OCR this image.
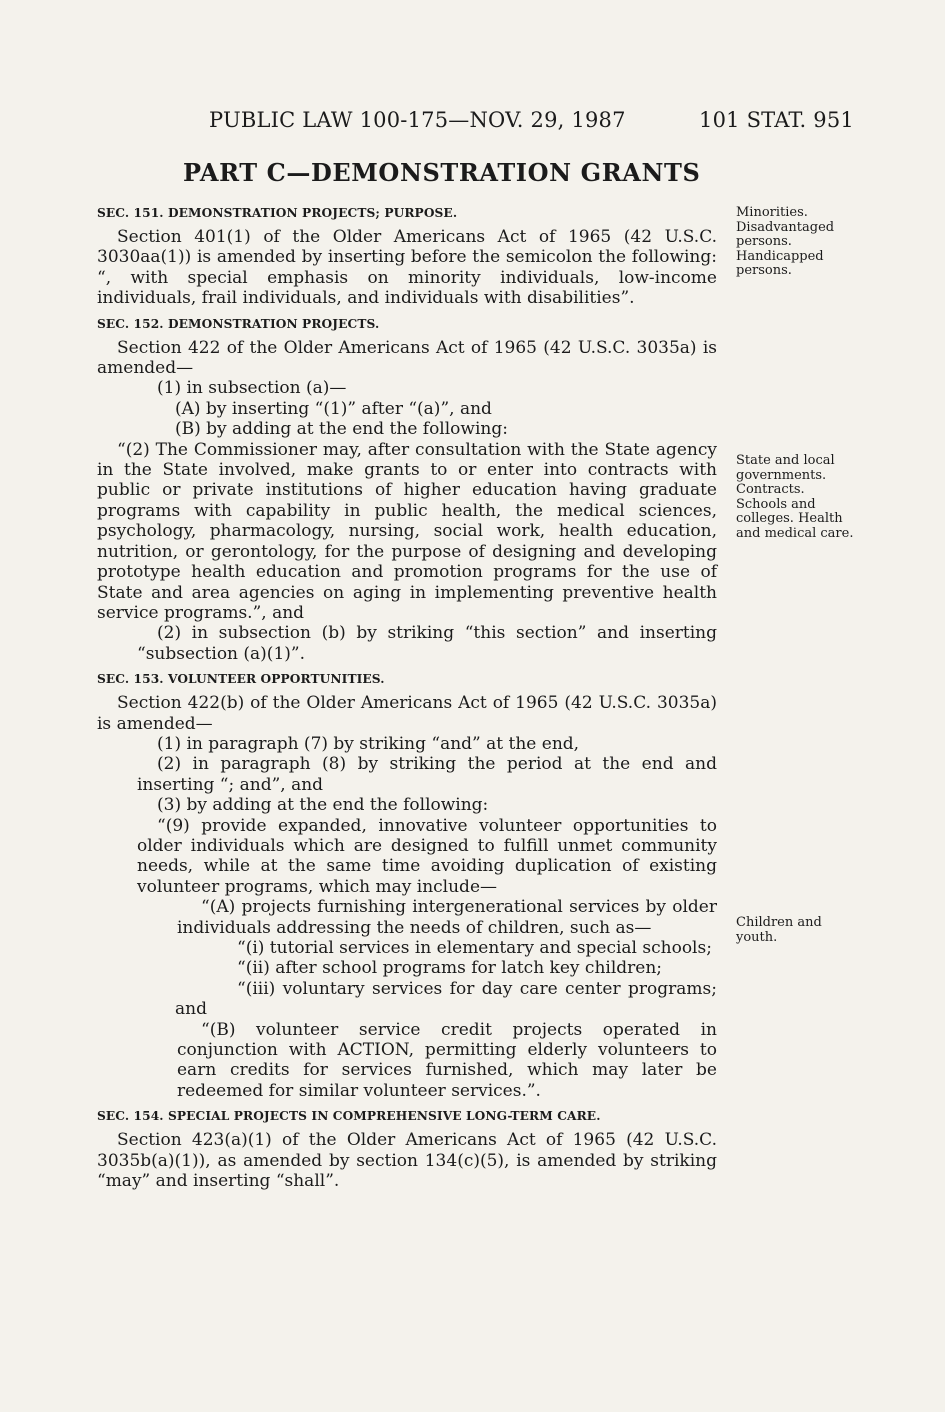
PUBLIC LAW 100-175—NOV. 29, 1987	101 STAT. 951
PART C—DEMONSTRATION GRANTS
SEC. 151. DEMONSTRATION PROJECTS; PURPOSE.

Section 401(1) of the Older Americans Act of 1965 (42 U.S.C. 3030aa(1)) is amended by inserting before the semicolon the following: “, with special emphasis on minority individuals, low-income individuals, frail individuals, and individuals with disabilities”.

SEC. 152. DEMONSTRATION PROJECTS.

Section 422 of the Older Americans Act of 1965 (42 U.S.C. 3035a) is amended—

(1) in subsection (a)—

(A) by inserting “(1)” after “(a)”, and

(B) by adding at the end the following:

“(2) The Commissioner may, after consultation with the State agency in the State involved, make grants to or enter into contracts with public or private institutions of higher education having graduate programs with capability in public health, the medical sciences, psychology, pharmacology, nursing, social work, health education, nutrition, or gerontology, for the purpose of designing and developing prototype health education and promotion programs for the use of State and area agencies on aging in implementing preventive health service programs.”, and

(2) in subsection (b) by striking “this section” and inserting “subsection (a)(1)”.

SEC. 153. VOLUNTEER OPPORTUNITIES.

Section 422(b) of the Older Americans Act of 1965 (42 U.S.C. 3035a) is amended—

(1) in paragraph (7) by striking “and” at the end,

(2) in paragraph (8) by striking the period at the end and inserting “; and”, and

(3) by adding at the end the following:

“(9) provide expanded, innovative volunteer opportunities to older individuals which are designed to fulfill unmet community needs, while at the same time avoiding duplication of existing volunteer programs, which may include—

“(A) projects furnishing intergenerational services by older individuals addressing the needs of children, such as—

“(i) tutorial services in elementary and special schools;

“(ii) after school programs for latch key children;

“(iii) voluntary services for day care center programs; and

“(B) volunteer service credit projects operated in conjunction with ACTION, permitting elderly volunteers to earn credits for services furnished, which may later be redeemed for similar volunteer services.”.

SEC. 154. SPECIAL PROJECTS IN COMPREHENSIVE LONG-TERM CARE.

Section 423(a)(1) of the Older Americans Act of 1965 (42 U.S.C. 3035b(a)(1)), as amended by section 134(c)(5), is amended by striking “may” and inserting “shall”.

Minorities. Disadvantaged persons. Handicapped persons.
State and local governments. Contracts. Schools and colleges. Health and medical care.
Children and youth.
